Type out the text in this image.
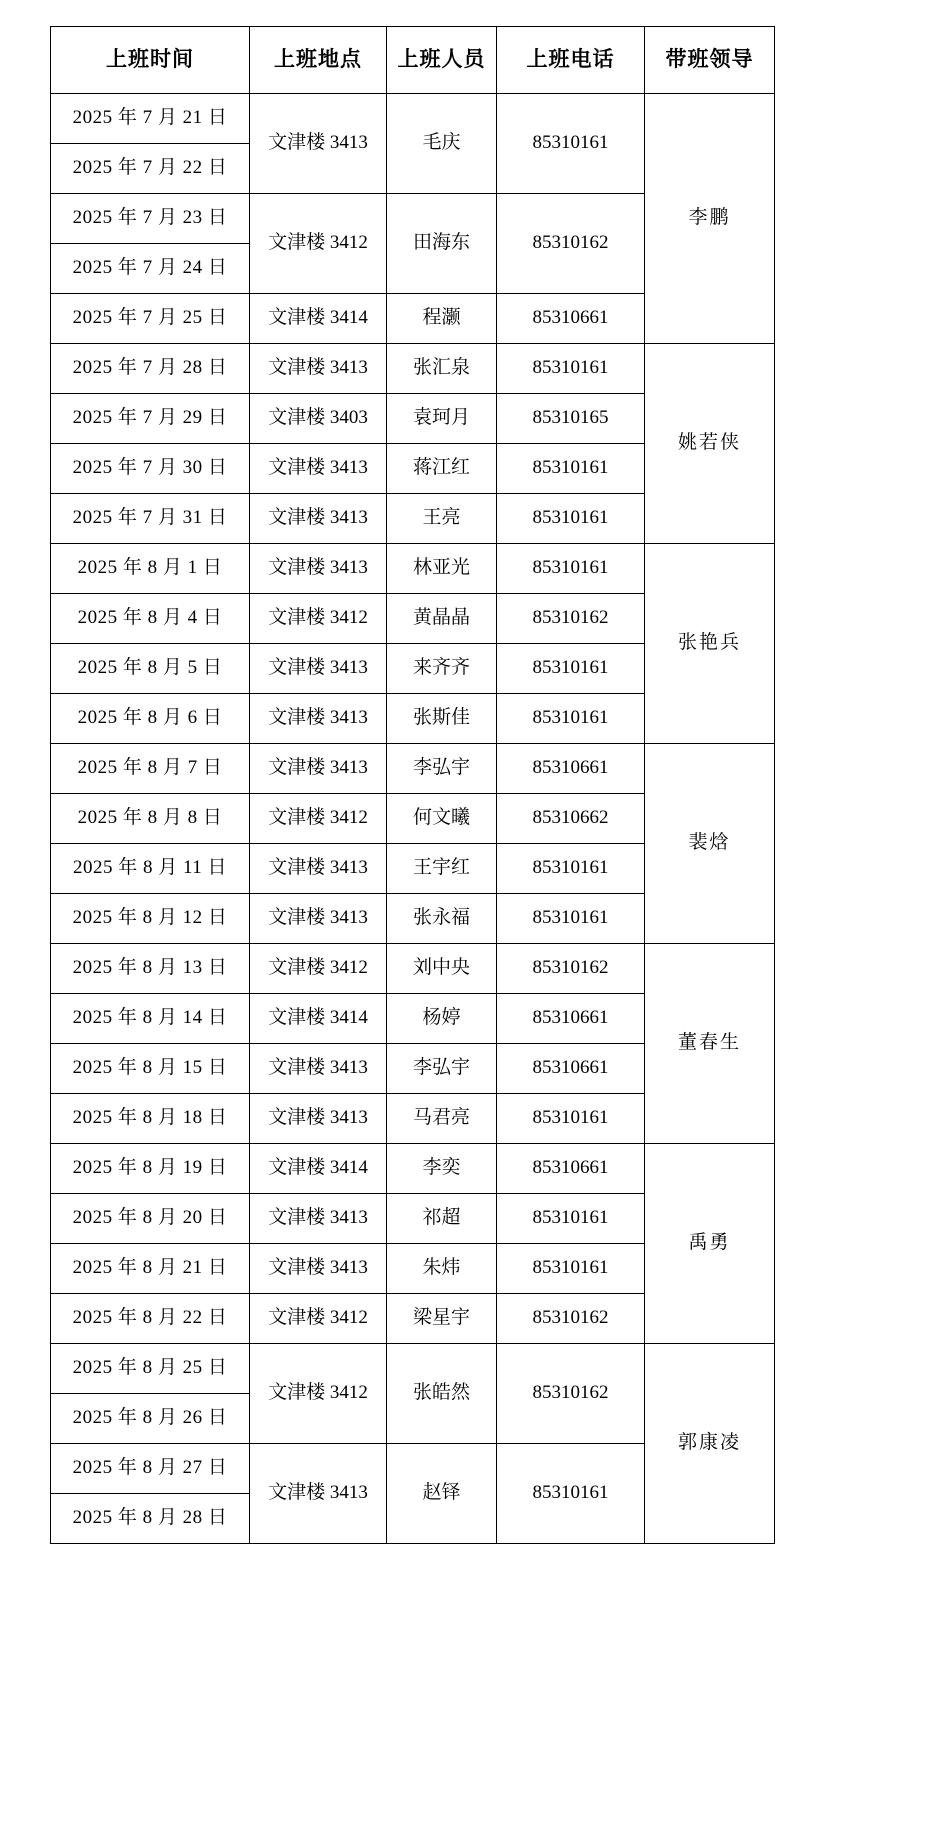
上班时间	上班地点	上班人员	上班电话	带班领导
2025 年 7 月 21 日	文津楼 3413	毛庆	85310161	李鹏
2025 年 7 月 22 日				
2025 年 7 月 23 日	文津楼 3412	田海东	85310162	
2025 年 7 月 24 日				
2025 年 7 月 25 日	文津楼 3414	程灏	85310661	
2025 年 7 月 28 日	文津楼 3413	张汇泉	85310161	姚若侠
2025 年 7 月 29 日	文津楼 3403	袁珂月	85310165	
2025 年 7 月 30 日	文津楼 3413	蒋江红	85310161	
2025 年 7 月 31 日	文津楼 3413	王亮	85310161	
2025 年 8 月 1 日	文津楼 3413	林亚光	85310161	张艳兵
2025 年 8 月 4 日	文津楼 3412	黄晶晶	85310162	
2025 年 8 月 5 日	文津楼 3413	来齐齐	85310161	
2025 年 8 月 6 日	文津楼 3413	张斯佳	85310161	
2025 年 8 月 7 日	文津楼 3413	李弘宇	85310661	裴焓
2025 年 8 月 8 日	文津楼 3412	何文曦	85310662	
2025 年 8 月 11 日	文津楼 3413	王宇红	85310161	
2025 年 8 月 12 日	文津楼 3413	张永福	85310161	
2025 年 8 月 13 日	文津楼 3412	刘中央	85310162	董春生
2025 年 8 月 14 日	文津楼 3414	杨婷	85310661	
2025 年 8 月 15 日	文津楼 3413	李弘宇	85310661	
2025 年 8 月 18 日	文津楼 3413	马君亮	85310161	
2025 年 8 月 19 日	文津楼 3414	李奕	85310661	禹勇
2025 年 8 月 20 日	文津楼 3413	祁超	85310161	
2025 年 8 月 21 日	文津楼 3413	朱炜	85310161	
2025 年 8 月 22 日	文津楼 3412	梁星宇	85310162	
2025 年 8 月 25 日	文津楼 3412	张皓然	85310162	郭康凌
2025 年 8 月 26 日				
2025 年 8 月 27 日	文津楼 3413	赵铎	85310161	
2025 年 8 月 28 日				
